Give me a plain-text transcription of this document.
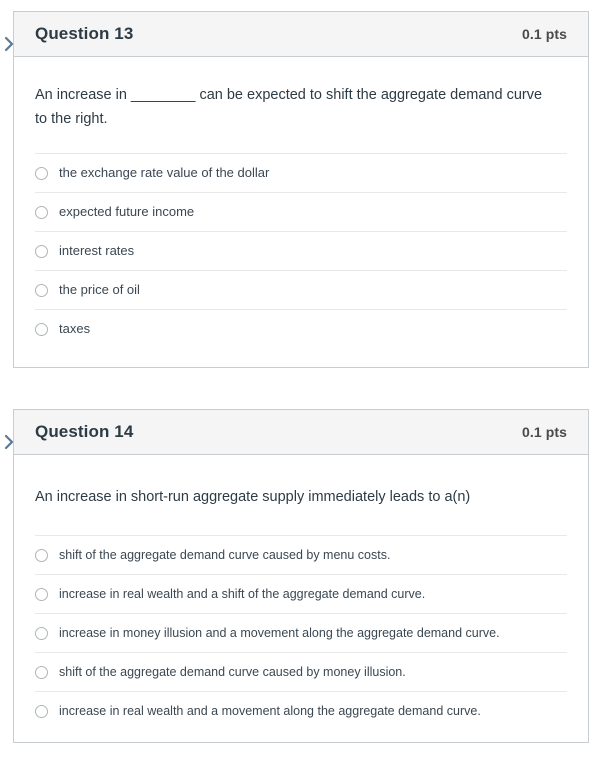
Question 13	0.1 pts
An increase in ________ can be expected to shift the aggregate demand curve to the right.
the exchange rate value of the dollar
expected future income
interest rates
the price of oil
taxes
Question 14	0.1 pts
An increase in short-run aggregate supply immediately leads to a(n)
shift of the aggregate demand curve caused by menu costs.
increase in real wealth and a shift of the aggregate demand curve.
increase in money illusion and a movement along the aggregate demand curve.
shift of the aggregate demand curve caused by money illusion.
increase in real wealth and a movement along the aggregate demand curve.
